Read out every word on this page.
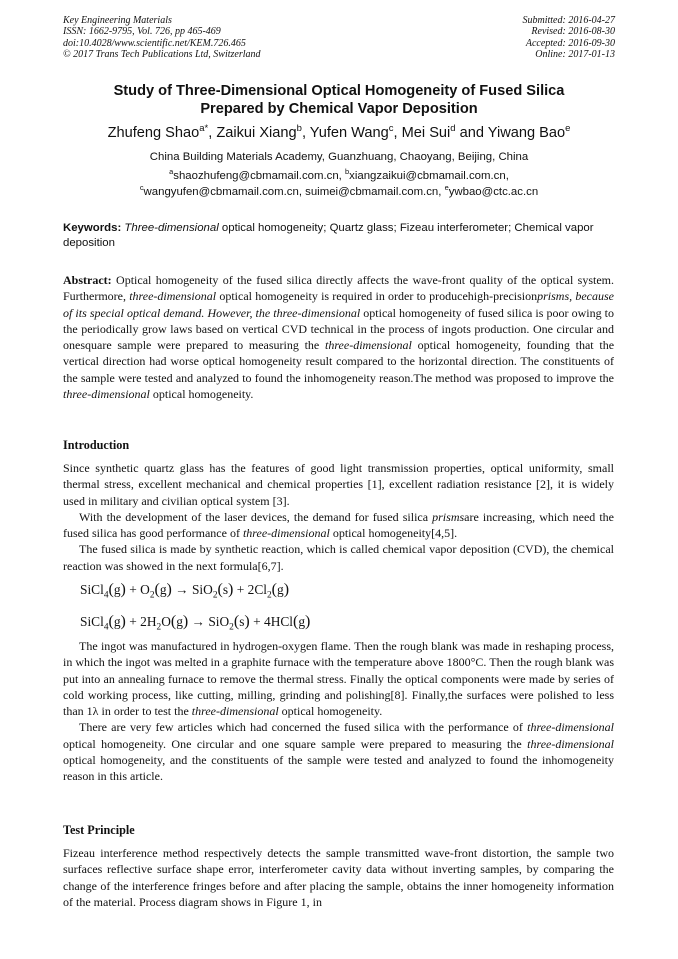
Key Engineering Materials
ISSN: 1662-9795, Vol. 726, pp 465-469
doi:10.4028/www.scientific.net/KEM.726.465
© 2017 Trans Tech Publications Ltd, Switzerland
Submitted: 2016-04-27
Revised: 2016-08-30
Accepted: 2016-09-30
Online: 2017-01-13
Study of Three-Dimensional Optical Homogeneity of Fused Silica
Prepared by Chemical Vapor Deposition
Zhufeng Shao$^{a*}$, Zaikui Xiang$^b$, Yufen Wang$^c$, Mei Sui$^d$ and Yiwang Bao$^e$
China Building Materials Academy, Guanzhuang, Chaoyang, Beijing, China
$^a$shaozhufeng@cbmamail.com.cn, $^b$xiangzaikui@cbmamail.com.cn,
$^c$wangyufen@cbmamail.com.cn, suimei@cbmamail.com.cn, $^e$ywbao@ctc.ac.cn
Keywords: Three-dimensional optical homogeneity; Quartz glass; Fizeau interferometer; Chemical vapor deposition

Abstract: Optical homogeneity of the fused silica directly affects the wave-front quality of the optical system. Furthermore, three-dimensional optical homogeneity is required in order to producehigh-precisionprisms, because of its special optical demand. However, the three-dimensional optical homogeneity of fused silica is poor owing to the periodically grow laws based on vertical CVD technical in the process of ingots production. One circular and onesquare sample were prepared to measuring the three-dimensional optical homogeneity, founding that the vertical direction had worse optical homogeneity result compared to the horizontal direction. The constituents of the sample were tested and analyzed to found the inhomogeneity reason.The method was proposed to improve the three-dimensional optical homogeneity.

Introduction

Since synthetic quartz glass has the features of good light transmission properties, optical uniformity, small thermal stress, excellent mechanical and chemical properties [1], excellent radiation resistance [2], it is widely used in military and civilian optical system [3].

With the development of the laser devices, the demand for fused silica prismsare increasing, which need the fused silica has good performance of three-dimensional optical homogeneity[4,5].

The fused silica is made by synthetic reaction, which is called chemical vapor deposition (CVD), the chemical reaction was showed in the next formula[6,7].

SiCl$_4$(g) + $O_2(g) \to SiO_2(s) + 2Cl_2(g)$
SiCl$_4$(g) + $2H_2O(g) \to SiO_2(s) + 4HCl(g)$

The ingot was manufactured in hydrogen-oxygen flame. Then the rough blank was made in reshaping process, in which the ingot was melted in a graphite furnace with the temperature above 1800°C. Then the rough blank was put into an annealing furnace to remove the thermal stress. Finally the optical components were made by series of cold working process, like cutting, milling, grinding and polishing[8]. Finally,the surfaces were polished to less than 1λ in order to test the three-dimensional optical homogeneity.

There are very few articles which had concerned the fused silica with the performance of three-dimensional optical homogeneity. One circular and one square sample were prepared to measuring the three-dimensional optical homogeneity, and the constituents of the sample were tested and analyzed to found the inhomogeneity reason in this article.

Test Principle

Fizeau interference method respectively detects the sample transmitted wave-front distortion, the sample two surfaces reflective surface shape error, interferometer cavity data without inverting samples, by comparing the change of the interference fringes before and after placing the sample, obtains the inner homogeneity information of the material. Process diagram shows in Figure 1, in
